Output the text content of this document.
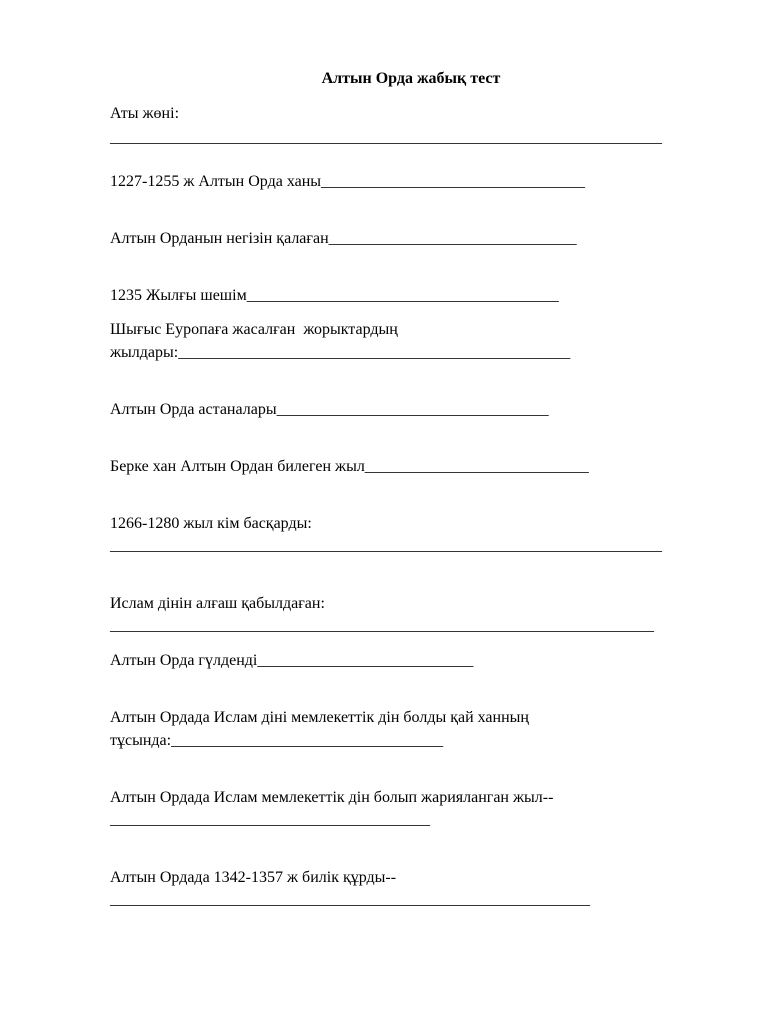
Алтын Орда жабық тест
Аты жөні:
_____________________________________________________________________
1227-1255 ж Алтын Орда ханы_________________________________
Алтын Орданын негізін қалаған_______________________________
1235 Жылғы шешім_______________________________________
Шығыс Еуропаға жасалған  жорыктардың
жылдары:_________________________________________________
Алтын Орда астаналары__________________________________
Берке хан Алтын Ордан билеген жыл____________________________
1266-1280 жыл кім басқарды:
_____________________________________________________________________
Ислам дінін алғаш қабылдаған:
____________________________________________________________________
Алтын Орда гүлденді___________________________
Алтын Ордада Ислам діні мемлекеттік дін болды қай ханның
тұсында:__________________________________
Алтын Ордада Ислам мемлекеттік дін болып жарияланган жыл--
________________________________________
Алтын Ордада 1342-1357 ж билік құрды--
____________________________________________________________
